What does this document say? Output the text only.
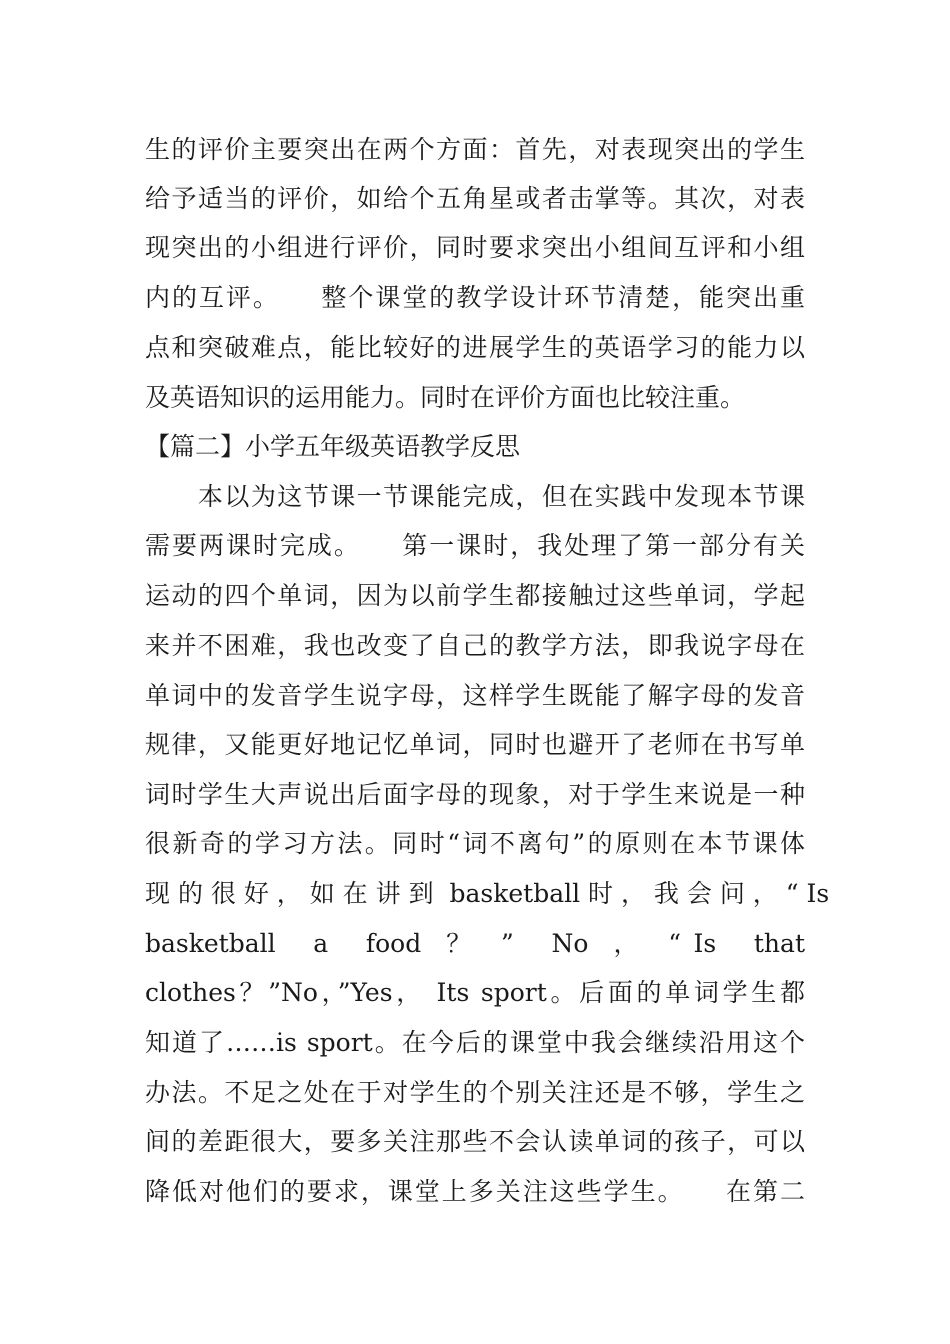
生的评价主要突出在两个方面：首先，对表现突出的学生
给予适当的评价，如给个五角星或者击掌等。其次，对表
现突出的小组进行评价，同时要求突出小组间互评和小组
内的互评。　　整个课堂的教学设计环节清楚，能突出重
点和突破难点，能比较好的进展学生的英语学习的能力以
及英语知识的运用能力。同时在评价方面也比较注重。
【篇二】小学五年级英语教学反思
　　本以为这节课一节课能完成，但在实践中发现本节课
需要两课时完成。　　第一课时，我处理了第一部分有关
运动的四个单词，因为以前学生都接触过这些单词，学起
来并不困难，我也改变了自己的教学方法，即我说字母在
单词中的发音学生说字母，这样学生既能了解字母的发音
规律，又能更好地记忆单词，同时也避开了老师在书写单
词时学生大声说出后面字母的现象，对于学生来说是一种
很新奇的学习方法。同时“词不离句”的原则在本节课体
现 的 很 好 ， 如 在 讲 到  basketball 时 ， 我 会 问 ， “ Is
basketball   a   food  ？  ”   No  ，  “ Is   that
clothes？”No，”Yes， Its sport。后面的单词学生都
知道了……is sport。在今后的课堂中我会继续沿用这个
办法。不足之处在于对学生的个别关注还是不够，学生之
间的差距很大，要多关注那些不会认读单词的孩子，可以
降低对他们的要求，课堂上多关注这些学生。　　在第二
